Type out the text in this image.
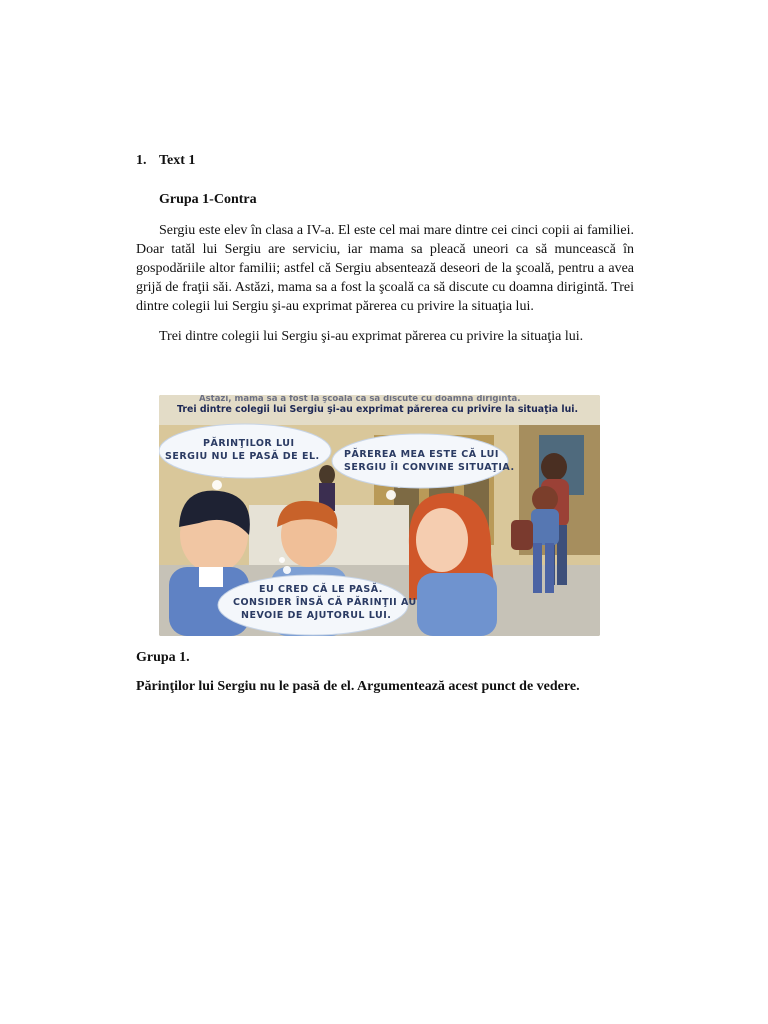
1. Text 1
Grupa 1-Contra
Sergiu este elev în clasa a IV-a. El este cel mai mare dintre cei cinci copii ai familiei. Doar tatăl lui Sergiu are serviciu, iar mama sa pleacă uneori ca să muncească în gospodăriile altor familii; astfel că Sergiu absentează deseori de la şcoală, pentru a avea grijă de fraţii săi. Astăzi, mama sa a fost la şcoală ca să discute cu doamna dirigintă. Trei dintre colegii lui Sergiu şi-au exprimat părerea cu privire la situaţia lui.
Trei dintre colegii lui Sergiu şi-au exprimat părerea cu privire la situaţia lui.
Astăzi, mama sa a fost la şcoală ca să discute cu doamna dirigintă.
Trei dintre colegii lui Sergiu şi-au exprimat părerea cu privire la situaţia lui.
PĂRINŢILOR LUI
SERGIU NU LE PASĂ DE EL.	PĂREREA MEA ESTE CĂ LUI
SERGIU ÎI CONVINE SITUAŢIA.
EU CRED CĂ LE PASĂ.
CONSIDER ÎNSĂ CĂ PĂRINŢII AU
NEVOIE DE AJUTORUL LUI.
Grupa 1.
Părinţilor lui Sergiu nu le pasă de el. Argumentează acest punct de vedere.
